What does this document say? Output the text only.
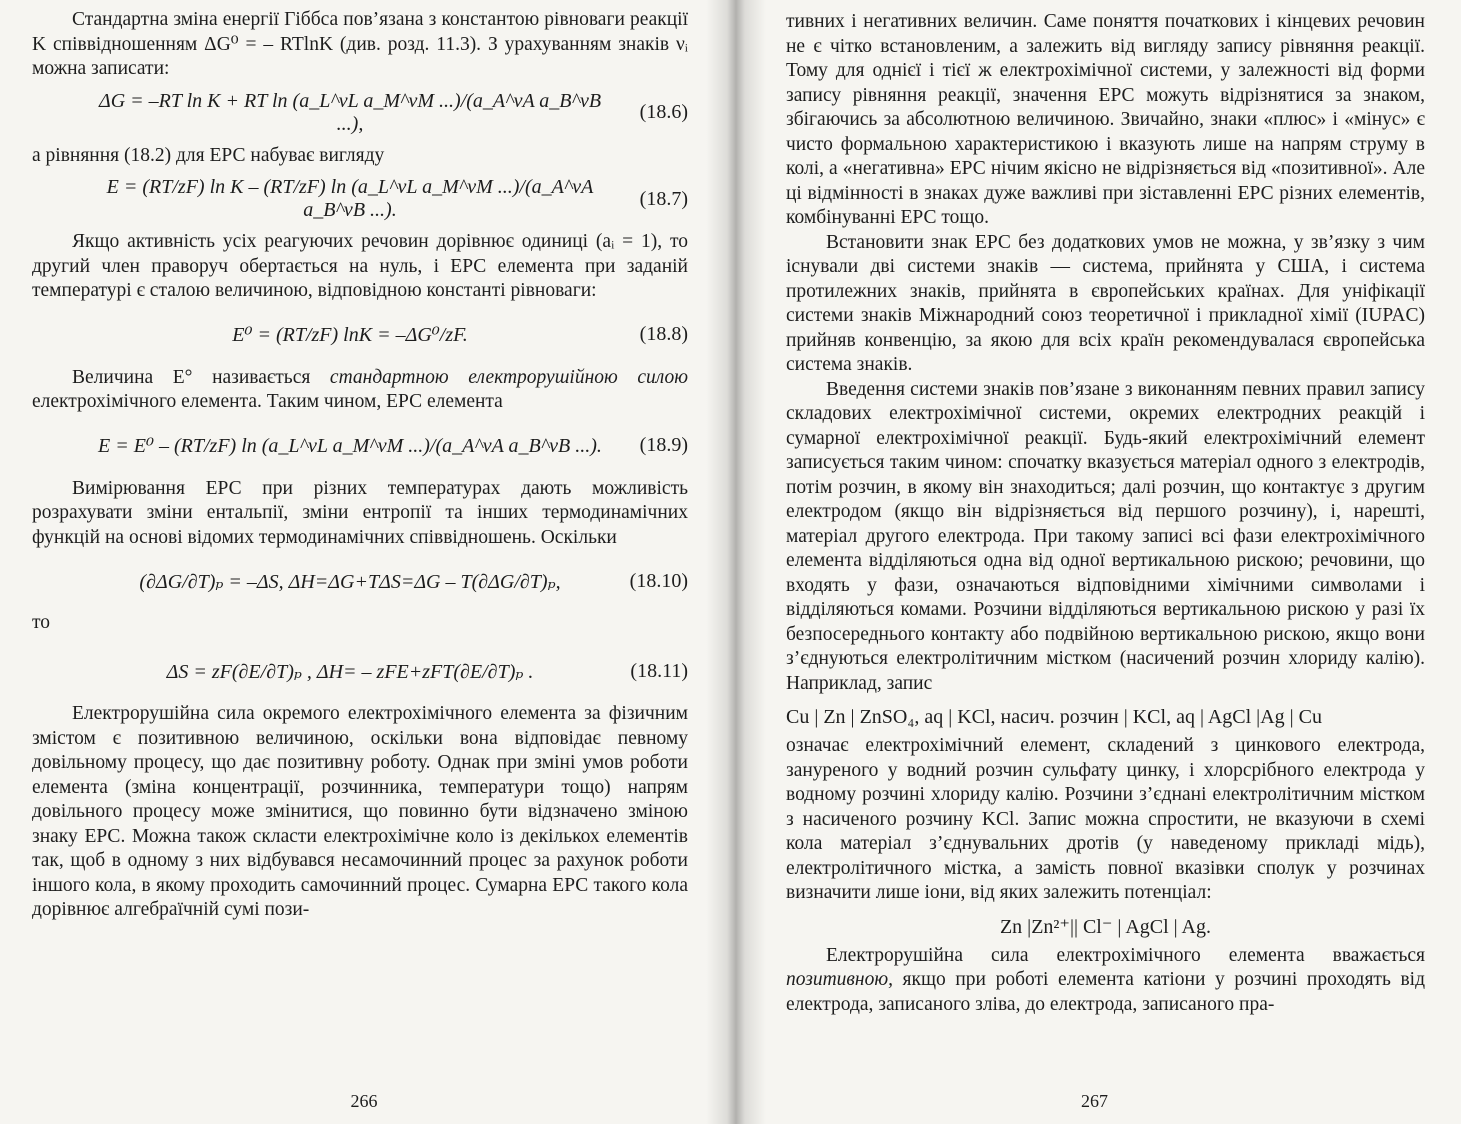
Стандартна зміна енергії Гіббса пов’язана з константою рівноваги реакції K співвідношенням ΔG⁰ = – RTlnK (див. розд. 11.3). З урахуванням знаків νᵢ можна записати:

ΔG = –RT ln K + RT ln (a_L^νL a_M^νM ...)/(a_A^νA a_B^νB ...),
(18.6)

а рівняння (18.2) для ЕРС набуває вигляду

E = (RT/zF) ln K – (RT/zF) ln (a_L^νL a_M^νM ...)/(a_A^νA a_B^νB ...).
(18.7)

Якщо активність усіх реагуючих речовин дорівнює одиниці (aᵢ = 1), то другий член праворуч обертається на нуль, і ЕРС елемента при заданій температурі є сталою величиною, відповідною константі рівноваги:

E⁰ = (RT/zF) lnK = –ΔG⁰/zF.	(18.8)

Величина E° називається стандартною електрорушійною силою електрохімічного елемента. Таким чином, ЕРС елемента

E = E⁰ – (RT/zF) ln (a_L^νL a_M^νM ...)/(a_A^νA a_B^νB ...).	(18.9)

Вимірювання ЕРС при різних температурах дають можливість розрахувати зміни ентальпії, зміни ентропії та інших термодинамічних функцій на основі відомих термодинамічних співвідношень. Оскільки

(∂ΔG/∂T)ₚ = –ΔS, ΔH=ΔG+TΔS=ΔG – T(∂ΔG/∂T)ₚ,	(18.10)
то
ΔS = zF(∂E/∂T)ₚ , ΔH= – zFE+zFT(∂E/∂T)ₚ .	(18.11)

Електрорушійна сила окремого електрохімічного елемента за фізичним змістом є позитивною величиною, оскільки вона відповідає певному довільному процесу, що дає позитивну роботу. Однак при зміні умов роботи елемента (зміна концентрації, розчинника, температури тощо) напрям довільного процесу може змінитися, що повинно бути відзначено зміною знаку ЕРС. Можна також скласти електрохімічне коло із декількох елементів так, щоб в одному з них відбувався несамочинний процес за рахунок роботи іншого кола, в якому проходить самочинний процес. Сумарна ЕРС такого кола дорівнює алгебраїчній сумі пози-

266

тивних і негативних величин. Саме поняття початкових і кінцевих речовин не є чітко встановленим, а залежить від вигляду запису рівняння реакції. Тому для однієї і тієї ж електрохімічної системи, у залежності від форми запису рівняння реакції, значення ЕРС можуть відрізнятися за знаком, збігаючись за абсолютною величиною. Звичайно, знаки «плюс» і «мінус» є чисто формальною характеристикою і вказують лише на напрям струму в колі, а «негативна» ЕРС нічим якісно не відрізняється від «позитивної». Але ці відмінності в знаках дуже важливі при зіставленні ЕРС різних елементів, комбінуванні ЕРС тощо.

Встановити знак ЕРС без додаткових умов не можна, у зв’язку з чим існували дві системи знаків — система, прийнята у США, і система протилежних знаків, прийнята в європейських країнах. Для уніфікації системи знаків Міжнародний союз теоретичної і прикладної хімії (IUPAC) прийняв конвенцію, за якою для всіх країн рекомендувалася європейська система знаків.

Введення системи знаків пов’язане з виконанням певних правил запису складових електрохімічної системи, окремих електродних реакцій і сумарної електрохімічної реакції. Будь-який електрохімічний елемент записується таким чином: спочатку вказується матеріал одного з електродів, потім розчин, в якому він знаходиться; далі розчин, що контактує з другим електродом (якщо він відрізняється від першого розчину), і, нарешті, матеріал другого електрода. При такому записі всі фази електрохімічного елемента відділяються одна від одної вертикальною рискою; речовини, що входять у фази, означаються відповідними хімічними символами і відділяються комами. Розчини відділяються вертикальною рискою у разі їх безпосереднього контакту або подвійною вертикальною рискою, якщо вони з’єднуються електролітичним містком (насичений розчин хлориду калію). Наприклад, запис

Cu | Zn | ZnSO₄, aq | KCl, насич. розчин | KCl, aq | AgCl |Ag | Cu

означає електрохімічний елемент, складений з цинкового електрода, зануреного у водний розчин сульфату цинку, і хлорсрібного електрода у водному розчині хлориду калію. Розчини з’єднані електролітичним містком з насиченого розчину KCl. Запис можна спростити, не вказуючи в схемі кола матеріал з’єднувальних дротів (у наведеному прикладі мідь), електролітичного містка, а замість повної вказівки сполук у розчинах визначити лише іони, від яких залежить потенціал:

Zn |Zn²⁺|| Cl⁻ | AgCl | Ag.

Електрорушійна сила електрохімічного елемента вважається позитивною, якщо при роботі елемента катіони у розчині проходять від електрода, записаного зліва, до електрода, записаного пра-

267
